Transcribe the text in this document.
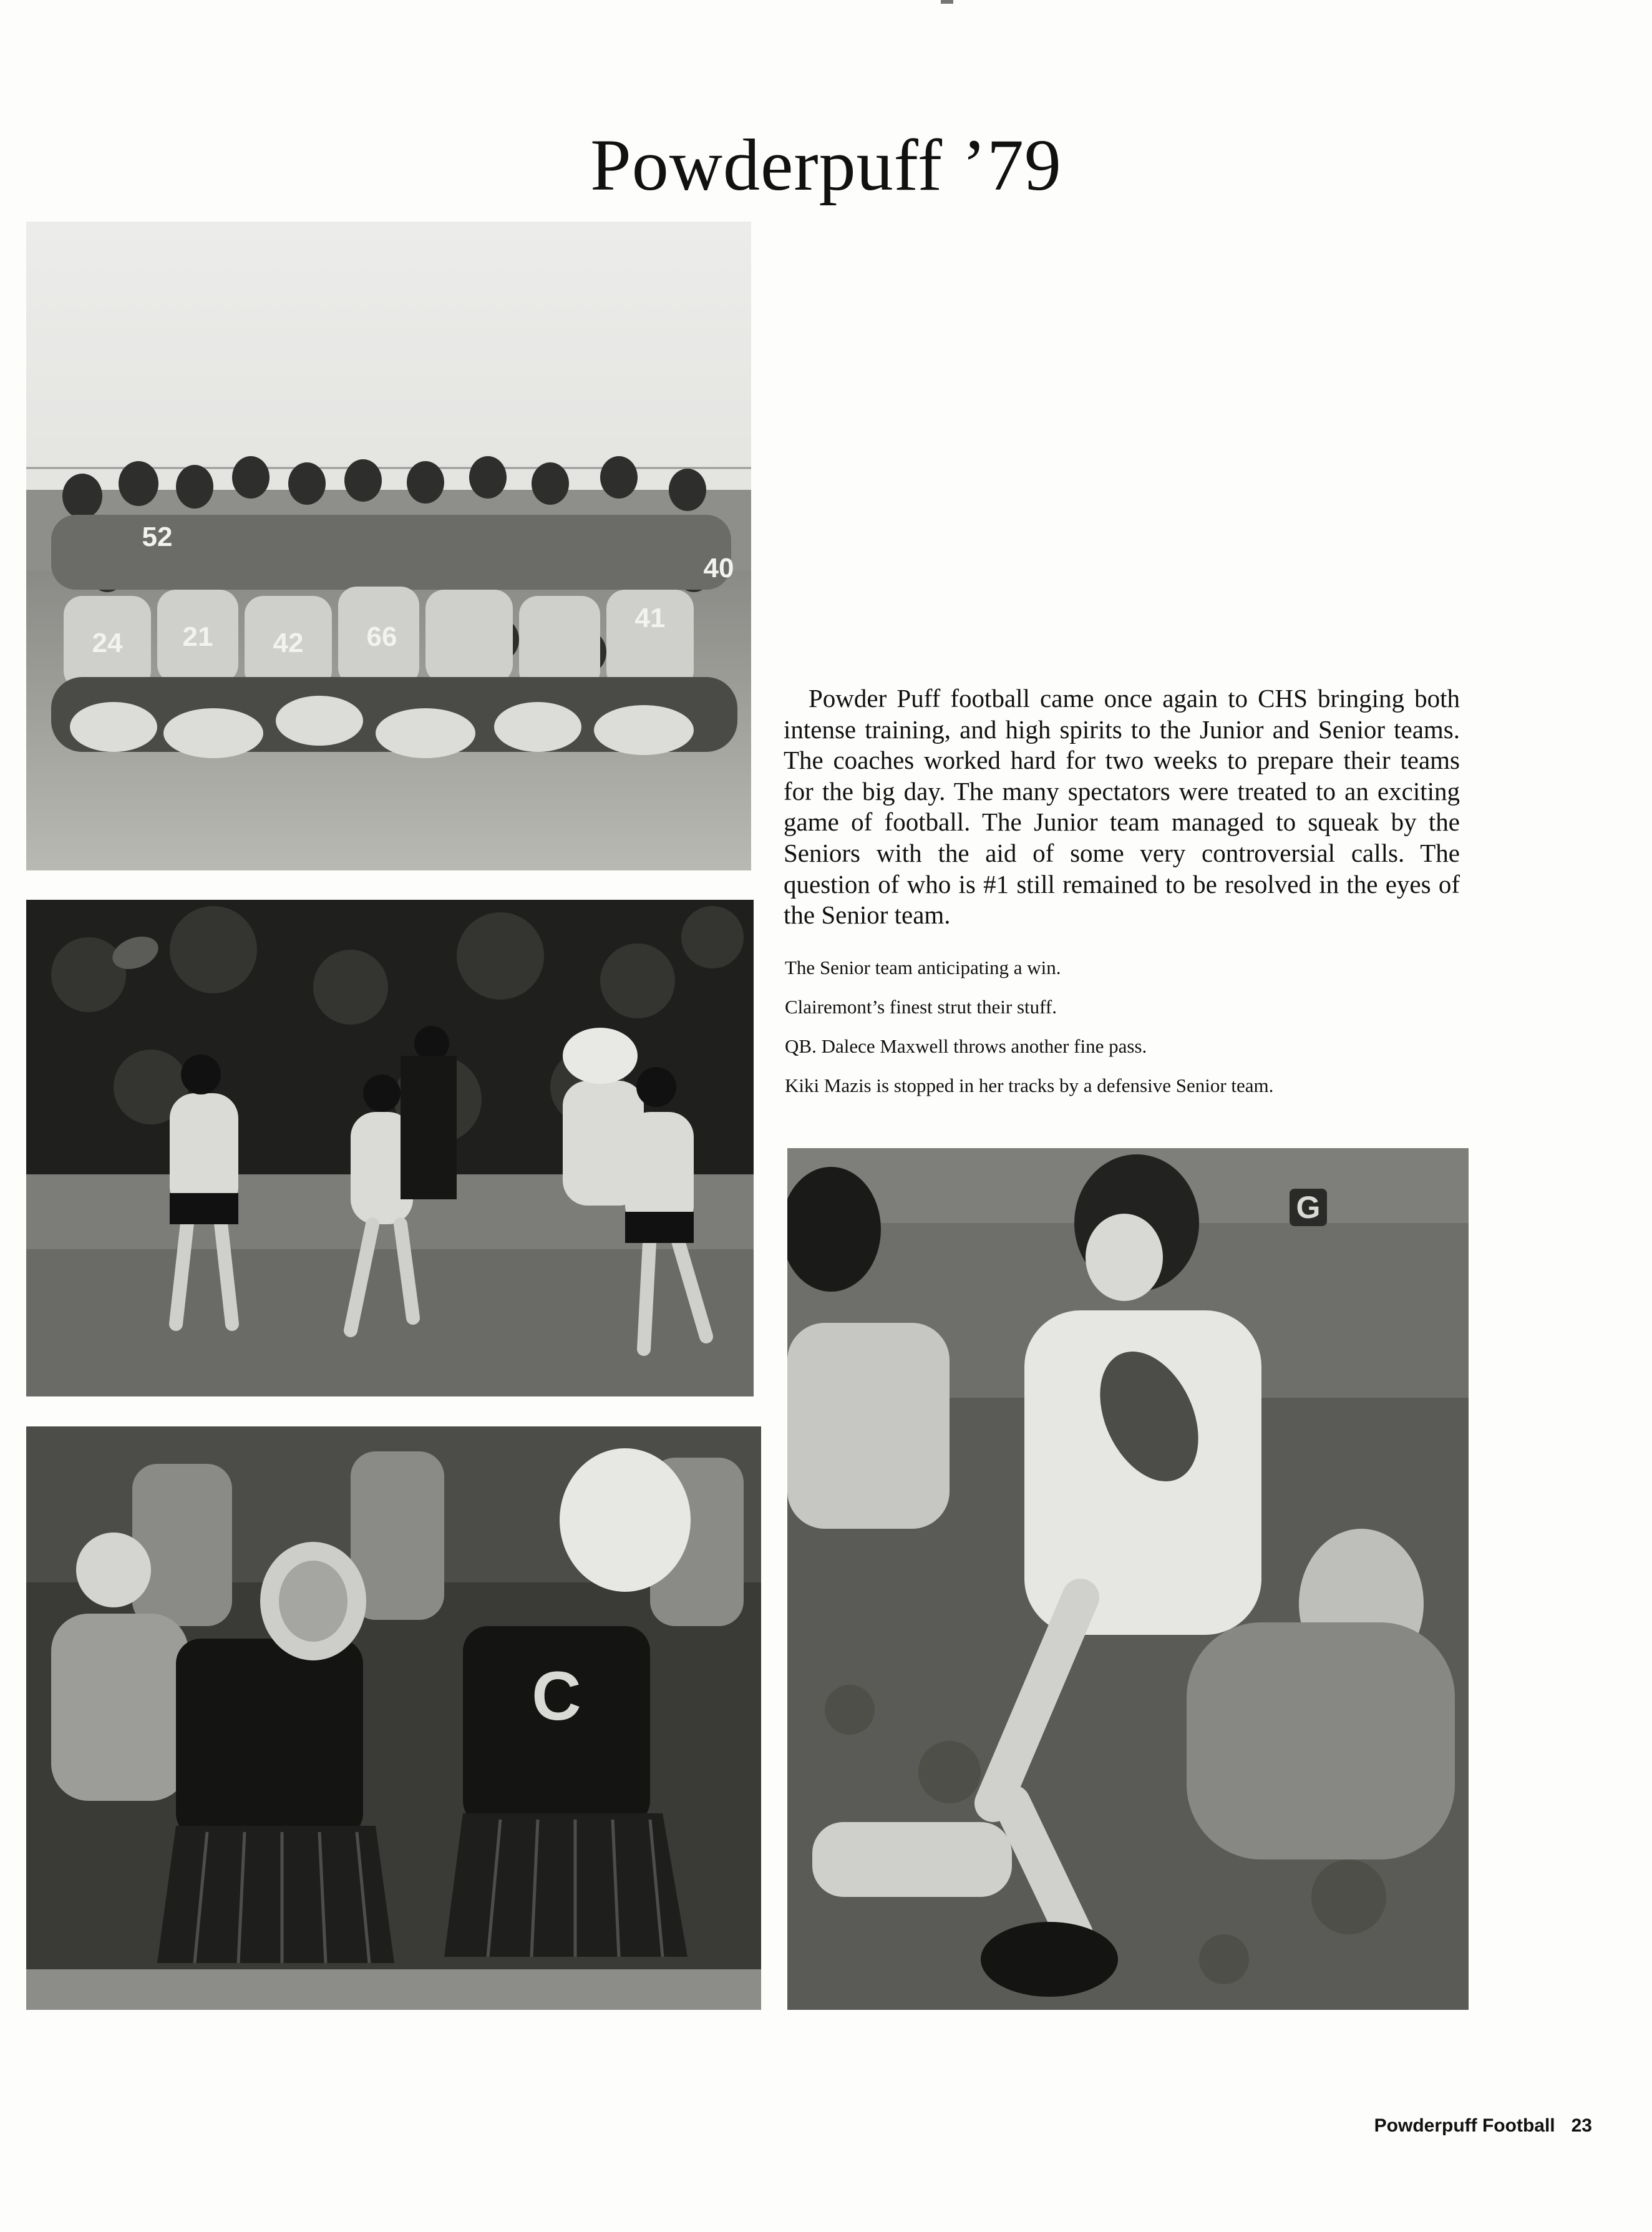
Powderpuff ’79
24 21 42 66
52
41
40
C
G

Powder Puff football came once again to CHS bringing both intense training, and high spirits to the Junior and Senior teams. The coaches worked hard for two weeks to prepare their teams for the big day. The many spectators were treated to an exciting game of football. The Junior team managed to squeak by the Seniors with the aid of some very controversial calls. The question of who is #1 still remained to be resolved in the eyes of the Senior team.

The Senior team anticipating a win.
Clairemont’s finest strut their stuff.
QB. Dalece Maxwell throws another fine pass.
Kiki Mazis is stopped in her tracks by a defensive Senior team.
Powderpuff Football 23
